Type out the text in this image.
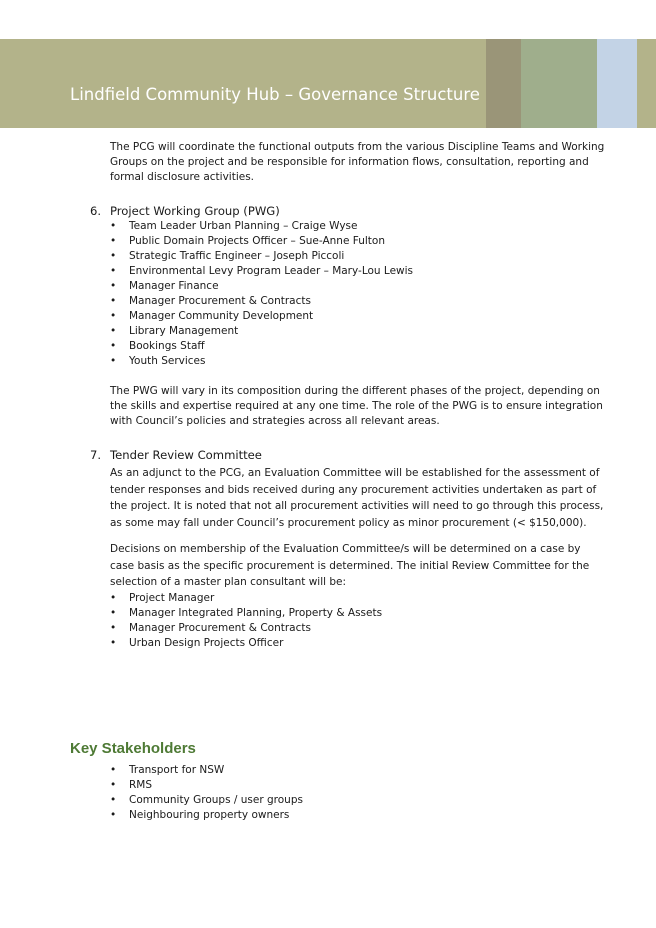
Lindfield Community Hub – Governance Structure

The PCG will coordinate the functional outputs from the various Discipline Teams and Working Groups on the project and be responsible for information flows, consultation, reporting and formal disclosure activities.

6. Project Working Group (PWG)
• Team Leader Urban Planning – Craige Wyse
• Public Domain Projects Officer – Sue-Anne Fulton
• Strategic Traffic Engineer – Joseph Piccoli
• Environmental Levy Program Leader – Mary-Lou Lewis
• Manager Finance
• Manager Procurement & Contracts
• Manager Community Development
• Library Management
• Bookings Staff
• Youth Services

The PWG will vary in its composition during the different phases of the project, depending on the skills and expertise required at any one time. The role of the PWG is to ensure integration with Council’s policies and strategies across all relevant areas.

7. Tender Review Committee

As an adjunct to the PCG, an Evaluation Committee will be established for the assessment of tender responses and bids received during any procurement activities undertaken as part of the project. It is noted that not all procurement activities will need to go through this process, as some may fall under Council’s procurement policy as minor procurement (< $150,000).

Decisions on membership of the Evaluation Committee/s will be determined on a case by case basis as the specific procurement is determined. The initial Review Committee for the selection of a master plan consultant will be:

• Project Manager
• Manager Integrated Planning, Property & Assets
• Manager Procurement & Contracts
• Urban Design Projects Officer
Key Stakeholders
• Transport for NSW
• RMS
• Community Groups / user groups
• Neighbouring property owners
